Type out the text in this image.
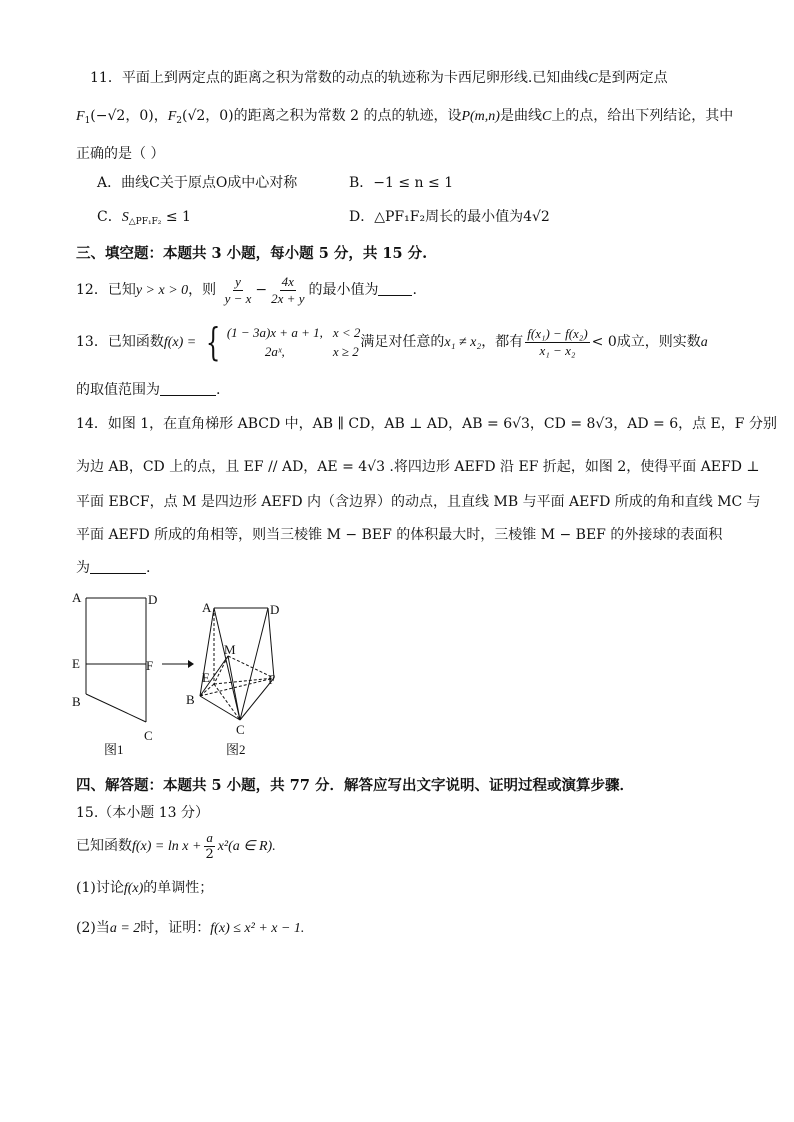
11．平面上到两定点的距离之积为常数的动点的轨迹称为卡西尼卵形线.已知曲线C是到两定点
$F_1(-√2$，0)，$F_2(√2$，0)的距离之积为常数 2 的点的轨迹，设P(m,n)是曲线C上的点，给出下列结论，其中
正确的是（ ）
A．曲线C关于原点O成中心对称	B．−1 ≤ n ≤ 1
C．$S_{\triangle PF_1F_2} \le 1$	D．△PF₁F₂周长的最小值为4√2
三、填空题：本题共 3 小题，每小题 5 分，共 15 分.
12．已知y > x > 0，则 $\frac{y}{y - x} - \frac{4x}{2x + y}$ 的最小值为 .
13．已知函数f(x) = { (1 − 3a)x + a + 1, x < 2
2aˣ,	x ≥ 2
满足对任意的x₁ ≠ x₂，都有 $\frac{\text{f(x₁) − f(x₂)}}{\text{x₁ − x₂}} < 0$成立，则实数a
的取值范围为	.
14．如图 1，在直角梯形 ABCD 中，AB ∥ CD，AB ⊥ AD，AB = 6√3，CD = 8√3，AD = 6，点 E，F 分别
为边 AB，CD 上的点，且 EF // AD，AE = 4√3 .将四边形 AEFD 沿 EF 折起，如图 2，使得平面 AEFD ⊥
平面 EBCF，点 M 是四边形 AEFD 内（含边界）的动点，且直线 MB 与平面 AEFD 所成的角和直线 MC 与
平面 AEFD 所成的角相等，则当三棱锥 M − BEF 的体积最大时，三棱锥 M − BEF 的外接球的表面积
为	.
A	D
E	F
B
C
图1
A	D
M
E	F
B
C
图2
四、解答题：本题共 5 小题，共 77 分．解答应写出文字说明、证明过程或演算步骤．
15.（本小题 13 分）
已知函数$f(x) = \ln x + \frac{a}{2} x^2(a$ ∈ R).
(1)讨论f(x)的单调性；
(2)当a = 2时，证明：f(x) ≤ x² + x − 1.
